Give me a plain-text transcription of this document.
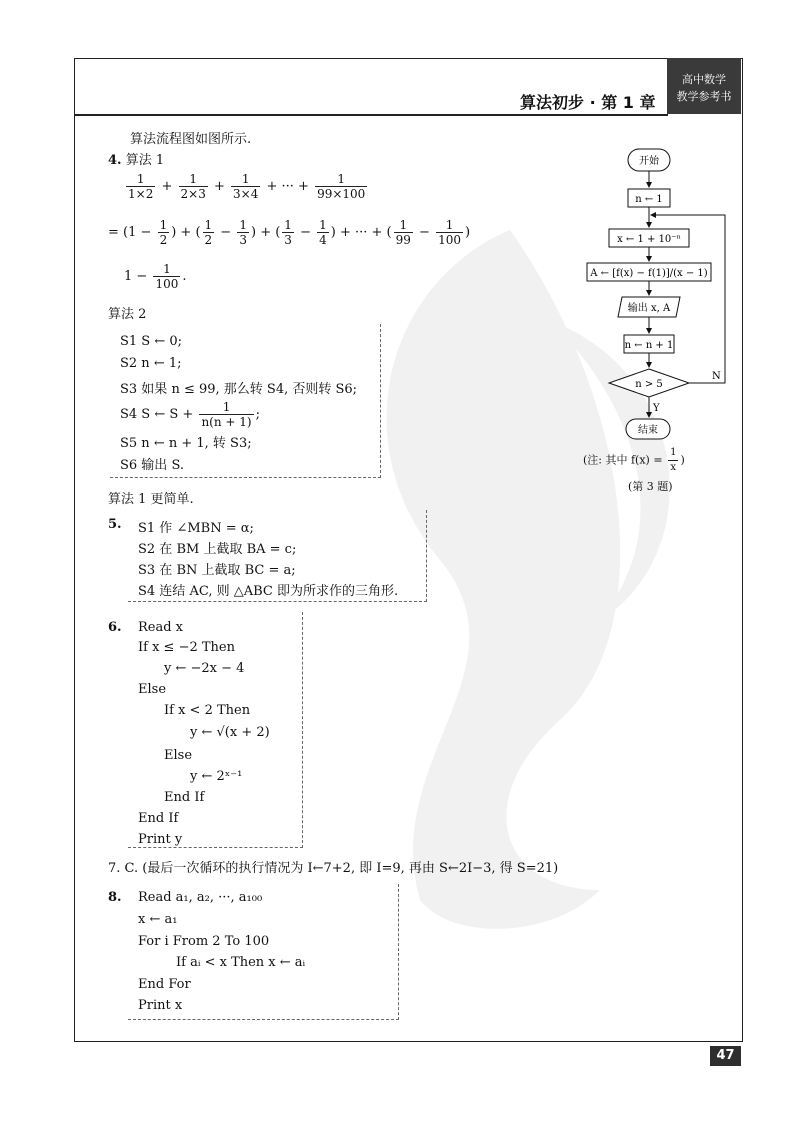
算法初步 · 第 1 章
高中数学
教学参考书
算法流程图如图所示.
4. 算法 1
$\frac{1}{1\times 2} + \frac{1}{2\times 3} + \frac{1}{3\times 4}$ + ··· + $\frac{1}{99\times 100}$
= ($1 - \frac{1}{2}$ ) + ( $\frac{1}{2} - \frac{1}{3}$ ) + ( $\frac{1}{3} - \frac{1}{4}$ ) + ··· + ( $\frac{1}{99} - \frac{1}{100}$ )
$1 - \frac{1}{100}$ .
算法 2
S1 S ← 0;
S2 n ← 1;
S3 如果 n ≤ 99, 那么转 S4, 否则转 S6;
S4 S ← $S + \frac{1}{n(n + 1)}$ ;
S5 n ← n + 1, 转 S3;
S6 输出 S.
算法 1 更简单.
5. S1 作 ∠MBN = α;
S2 在 BM 上截取 BA = c;
S3 在 BN 上截取 BC = a;
S4 连结 AC, 则 △ABC 即为所求作的三角形.
6. Read x
If x ≤ −2 Then
y ← −2x − 4
Else
If x < 2 Then
y ← √(x + 2)
Else
y ← 2ˣ⁻¹
End If
End If
Print y
7. C. (最后一次循环的执行情况为 I←7+2, 即 I=9, 再由 S←2I−3, 得 S=21)
8. Read a₁, a₂, ···, a₁₀₀
x ← a₁
For i From 2 To 100
If aᵢ < x Then x ← aᵢ
End For
Print x
开始
n ← 1
x ← 1 + 10⁻ⁿ
A ← [f(x) − f(1)]/(x − 1)
输出 x, A
n ← n + 1
n > 5
N
Y
结束
(注: 其中 $f(x) = \frac{1}{x}$ )
(第 3 题)
47
